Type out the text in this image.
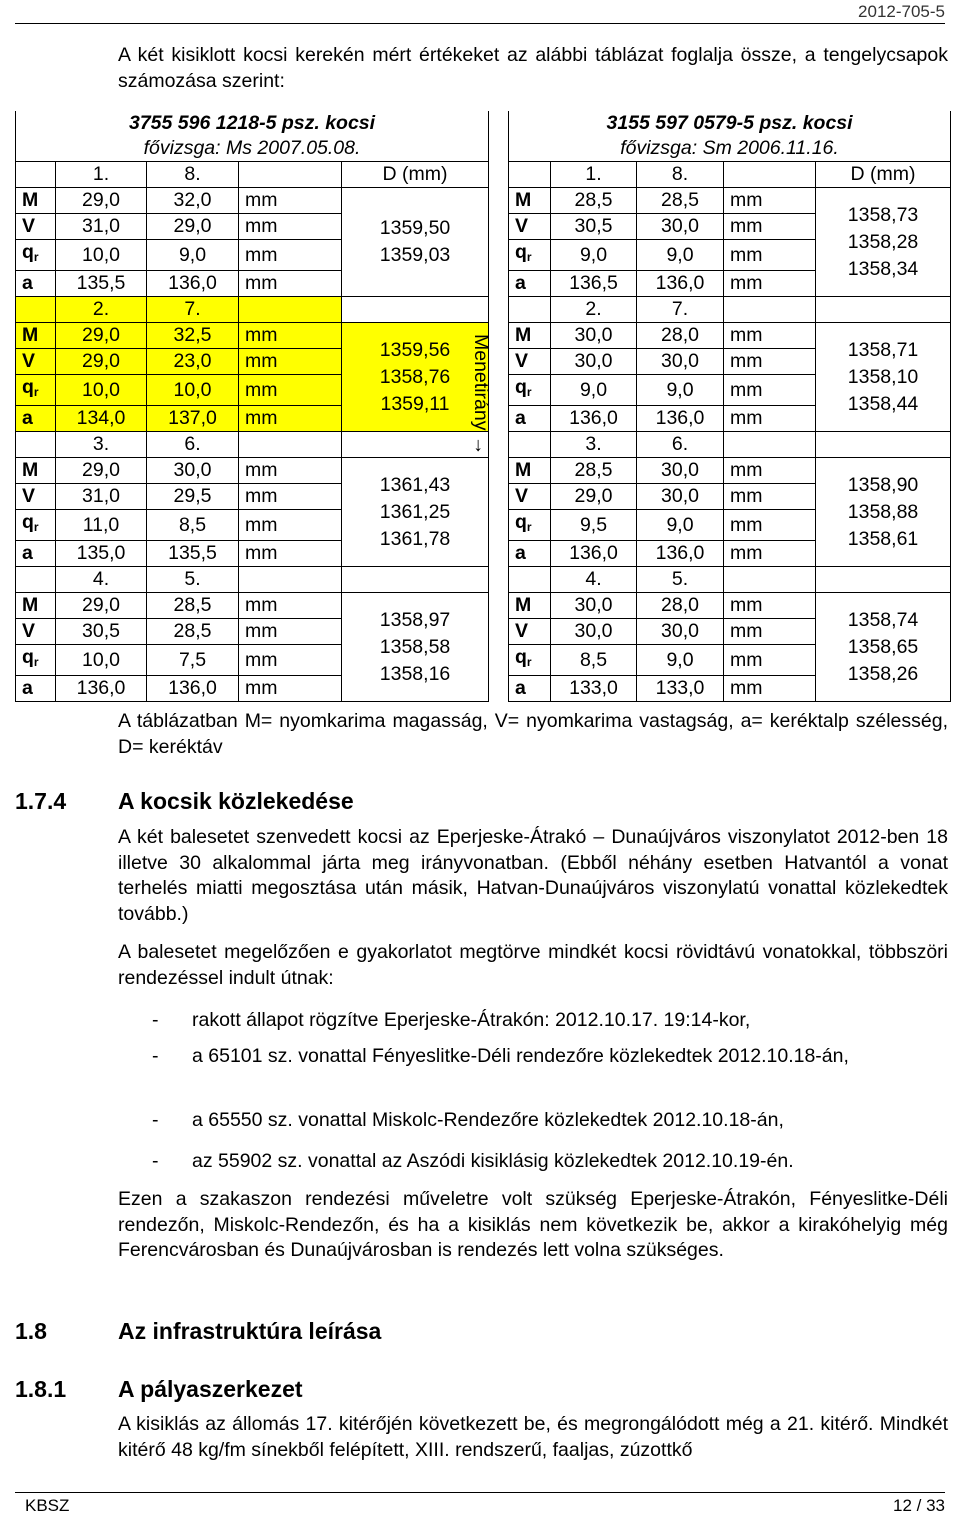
2012-705-5
A két kisiklott kocsi kerekén mért értékeket az alábbi táblázat foglalja össze, a tengelycsapok számozása szerint:
3755 596 1218-5 psz. kocsi				
fővizsga: Ms 2007.05.08.				
	1.	8.		D (mm)
M	29,0	32,0	mm	1359,50
1359,03

V	31,0	29,0	mm	
$q_r$	10,0	9,0	mm	
a	135,5	136,0	mm	
	2.	7.		
M	29,0	32,5	mm	1359,56
1358,76
1359,11

V	29,0	23,0	mm	
$q_r$	10,0	10,0	mm	
a	134,0	137,0	mm	
	3.	6.		
M	29,0	30,0	mm	1361,43
1361,25
1361,78

V	31,0	29,5	mm	
$q_r$	11,0	8,5	mm	
a	135,0	135,5	mm	
	4.	5.		
M	29,0	28,5	mm	1358,97
1358,58
1358,16

V	30,5	28,5	mm	
$q_r$	10,0	7,5	mm	
a	136,0	136,0	mm	
3155 597 0579-5 psz. kocsi				
fővizsga: Sm 2006.11.16.				
	1.	8.		D (mm)
M	28,5	28,5	mm	1358,73
1358,28
1358,34

V	30,5	30,0	mm	
$q_r$	9,0	9,0	mm	
a	136,5	136,0	mm	
	2.	7.		
M	30,0	28,0	mm	1358,71
1358,10
1358,44

V	30,0	30,0	mm	
$q_r$	9,0	9,0	mm	
a	136,0	136,0	mm	
	3.	6.		
M	28,5	30,0	mm	1358,90
1358,88
1358,61

V	29,0	30,0	mm	
$q_r$	9,5	9,0	mm	
a	136,0	136,0	mm	
	4.	5.		
M	30,0	28,0	mm	1358,74
1358,65
1358,26

V	30,0	30,0	mm	
$q_r$	8,5	9,0	mm	
a	133,0	133,0	mm	
Menetirány →
A táblázatban M= nyomkarima magasság, V= nyomkarima vastagság, a= keréktalp szélesség, D= keréktáv
1.7.4 A kocsik közlekedése
A két balesetet szenvedett kocsi az Eperjeske-Átrakó – Dunaújváros viszonylatot 2012-ben 18 illetve 30 alkalommal járta meg irányvonatban. (Ebből néhány esetben Hatvantól a vonat terhelés miatti megosztása után másik, Hatvan-Dunaújváros viszonylatú vonattal közlekedtek tovább.)
A balesetet megelőzően e gyakorlatot megtörve mindkét kocsi rövidtávú vonatokkal, többszöri rendezéssel indult útnak:
- rakott állapot rögzítve Eperjeske-Átrakón: 2012.10.17. 19:14-kor,
- a 65101 sz. vonattal Fényeslitke-Déli rendezőre közlekedtek 2012.10.18-án,
- a 65550 sz. vonattal Miskolc-Rendezőre közlekedtek 2012.10.18-án,
- az 55902 sz. vonattal az Aszódi kisiklásig közlekedtek 2012.10.19-én.
Ezen a szakaszon rendezési műveletre volt szükség Eperjeske-Átrakón, Fényeslitke-Déli rendezőn, Miskolc-Rendezőn, és ha a kisiklás nem következik be, akkor a kirakóhelyig még Ferencvárosban és Dunaújvárosban is rendezés lett volna szükséges.
1.8	Az infrastruktúra leírása
1.8.1 A pályaszerkezet
A kisiklás az állomás 17. kitérőjén következett be, és megrongálódott még a 21. kitérő. Mindkét kitérő 48 kg/fm sínekből felépített, XIII. rendszerű, faaljas, zúzottkő
KBSZ	12 / 33
